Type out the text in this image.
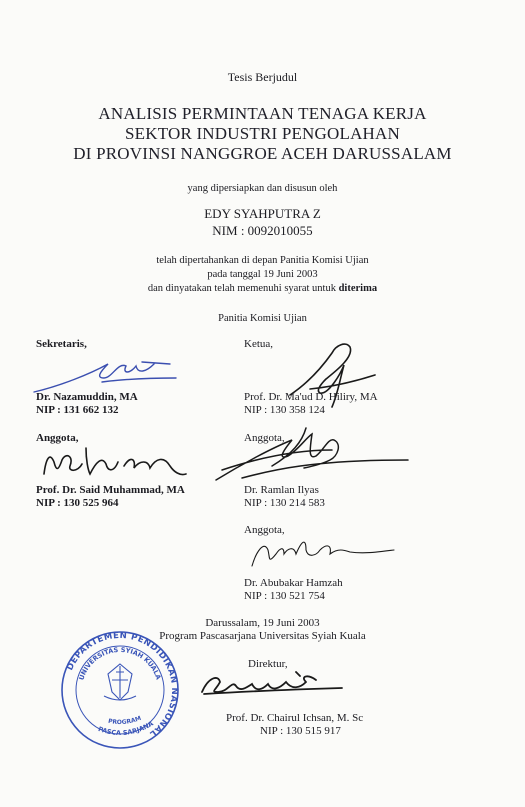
Tesis Berjudul
ANALISIS PERMINTAAN TENAGA KERJA
SEKTOR INDUSTRI PENGOLAHAN
DI PROVINSI NANGGROE ACEH DARUSSALAM
yang dipersiapkan dan disusun oleh
EDY SYAHPUTRA Z
NIM : 0092010055
telah dipertahankan di depan Panitia Komisi Ujian
pada tanggal 19 Juni 2003
dan dinyatakan telah memenuhi syarat untuk diterima
Panitia Komisi Ujian
Sekretaris,
Dr. Nazamuddin, MA
NIP : 131 662 132
Ketua,
Prof. Dr. Ma'ud D. Hiliry, MA
NIP : 130 358 124
Anggota,
Prof. Dr. Said Muhammad, MA
NIP : 130 525 964
Anggota,
Dr. Ramlan Ilyas
NIP : 130 214 583
Anggota,
Dr. Abubakar Hamzah
NIP : 130 521 754
Darussalam, 19 Juni 2003
Program Pascasarjana Universitas Syiah Kuala
Direktur,
Prof. Dr. Chairul Ichsan, M. Sc
NIP : 130 515 917
DEPARTEMEN PENDIDIKAN NASIONAL
UNIVERSITAS SYIAH KUALA
PROGRAM
PASCA SARJANA
